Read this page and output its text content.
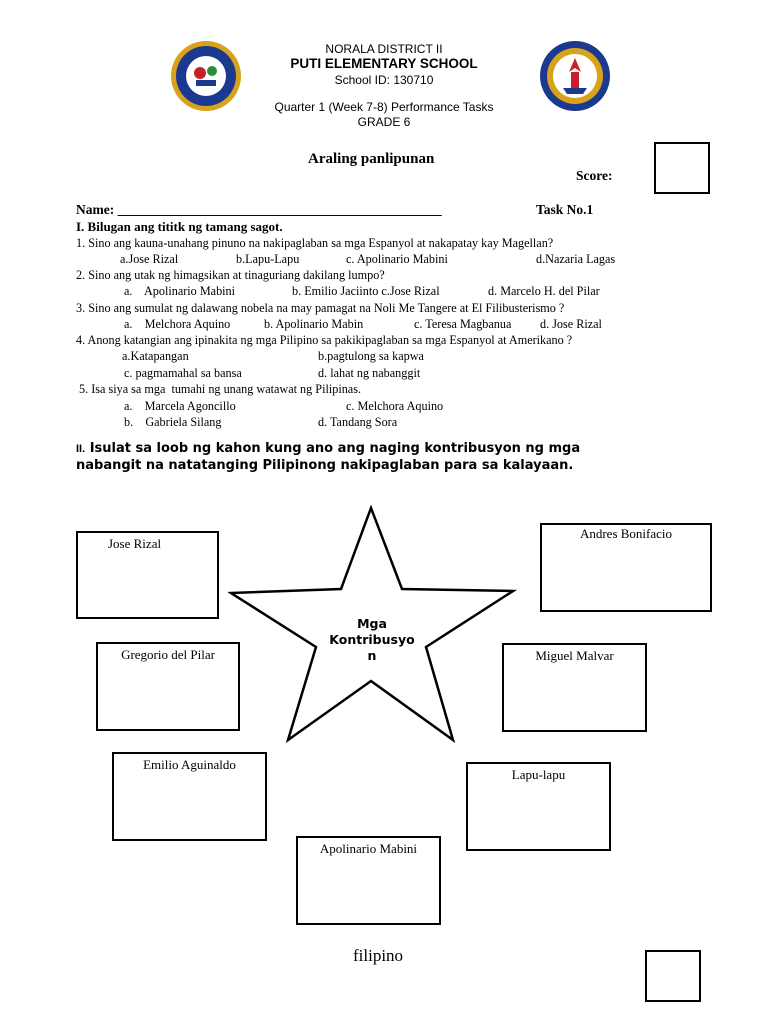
NORALA DISTRICT II
PUTI ELEMENTARY SCHOOL
School ID: 130710
Quarter 1 (Week 7-8) Performance Tasks
GRADE 6
Araling panlipunan
Score:
Name: ________________________________________________	Task No.1
I. Bilugan ang tititk ng tamang sagot.
1. Sino ang kauna-unahang pinuno na nakipaglaban sa mga Espanyol at nakapatay kay Magellan?
a.Jose Rizal	b.Lapu-Lapu	c. Apolinario Mabini	d.Nazaria Lagas
2. Sino ang utak ng himagsikan at tinaguriang dakilang lumpo?
a.    Apolinario Mabini	b. Emilio Jaciinto c.Jose Rizal	d. Marcelo H. del Pilar
3. Sino ang sumulat ng dalawang nobela na may pamagat na Noli Me Tangere at El Filibusterismo ?
a.    Melchora Aquino	b. Apolinario Mabin	c. Teresa Magbanua d. Jose Rizal
4. Anong katangian ang ipinakita ng mga Pilipino sa pakikipaglaban sa mga Espanyol at Amerikano ?
a.Katapangan	b.pagtulong sa kapwa
c. pagmamahal sa bansa	d. lahat ng nabanggit
5. Isa siya sa mga  tumahi ng unang watawat ng Pilipinas.
a.    Marcela Agoncillo	c. Melchora Aquino
b.    Gabriela Silang	d. Tandang Sora
II. Isulat sa loob ng kahon kung ano ang naging kontribusyon ng mga
nabangit na natatanging Pilipinong nakipaglaban para sa kalayaan.
Mga
Kontribusyo
n
Jose Rizal
Andres Bonifacio
Gregorio del Pilar	Miguel Malvar
Emilio Aguinaldo
Lapu-lapu
Apolinario Mabini
filipino
